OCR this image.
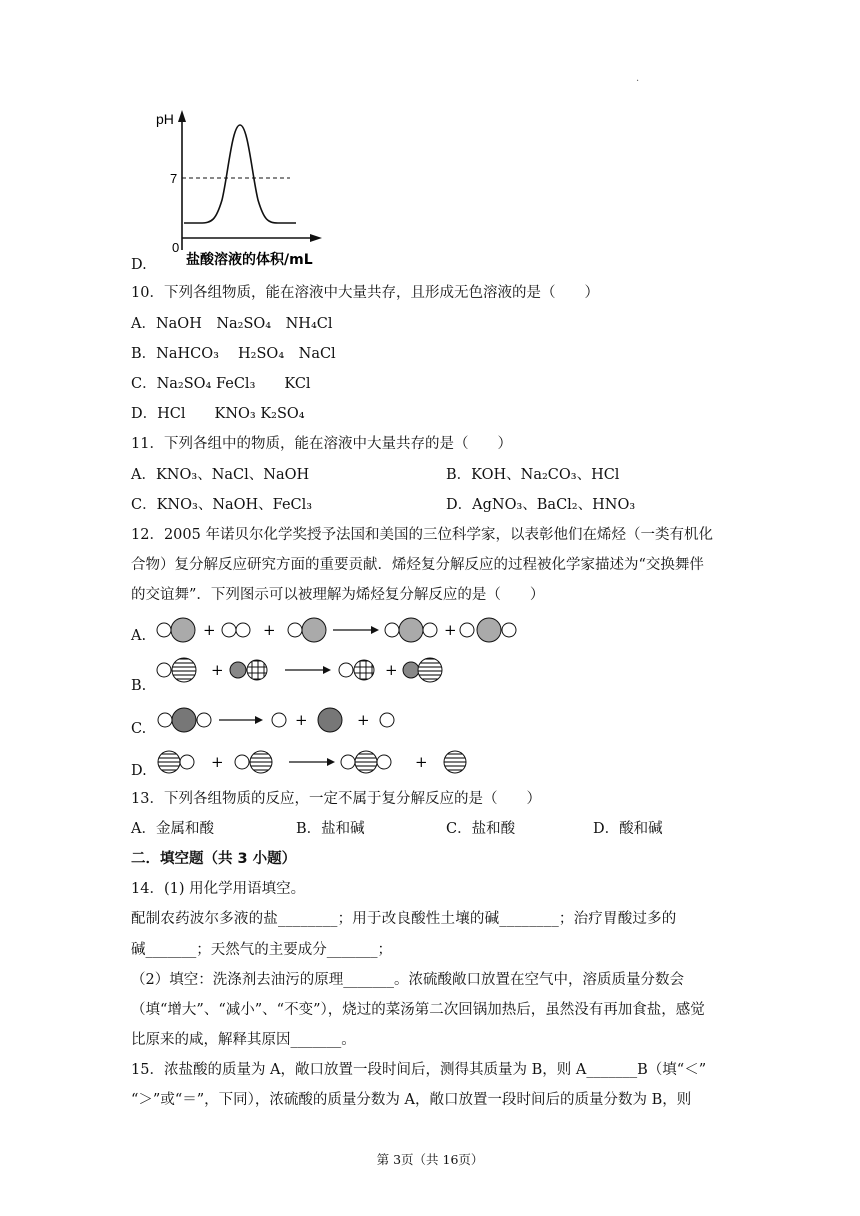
·
pH
7
0
盐酸溶液的体积/mL
D.
10．下列各组物质，能在溶液中大量共存，且形成无色溶液的是（　　）
A．NaOH　Na₂SO₄　NH₄Cl
B．NaHCO₃　 H₂SO₄　NaCl
C．Na₂SO₄ FeCl₃　　KCl
D．HCl　　KNO₃ K₂SO₄
11．下列各组中的物质，能在溶液中大量共存的是（　　）
A．KNO₃、NaCl、NaOH	B．KOH、Na₂CO₃、HCl
C．KNO₃、NaOH、FeCl₃	D．AgNO₃、BaCl₂、HNO₃
12．2005 年诺贝尔化学奖授予法国和美国的三位科学家，以表彰他们在烯烃（一类有机化
合物）复分解反应研究方面的重要贡献．烯烃复分解反应的过程被化学家描述为“交换舞伴
的交谊舞”．下列图示可以被理解为烯烃复分解反应的是（　　）
A.	+	+	+
B.
+	+
C.	+	+
D.	+	+
13．下列各组物质的反应，一定不属于复分解反应的是（　　）
A．金属和酸	B．盐和碱	C．盐和酸	D．酸和碱
二．填空题（共 3 小题）
14．(1) 用化学用语填空。
配制农药波尔多液的盐________；用于改良酸性土壤的碱________；治疗胃酸过多的
碱_______；天然气的主要成分_______；
（2）填空：洗涤剂去油污的原理_______。浓硫酸敞口放置在空气中，溶质质量分数会
（填“增大”、“减小”、“不变”），烧过的菜汤第二次回锅加热后，虽然没有再加食盐，感觉
比原来的咸，解释其原因_______。
15．浓盐酸的质量为 A，敞口放置一段时间后，测得其质量为 B，则 A_______B（填“＜”
“＞”或“＝”，下同），浓硫酸的质量分数为 A，敞口放置一段时间后的质量分数为 B，则
第 3页（共 16页）
